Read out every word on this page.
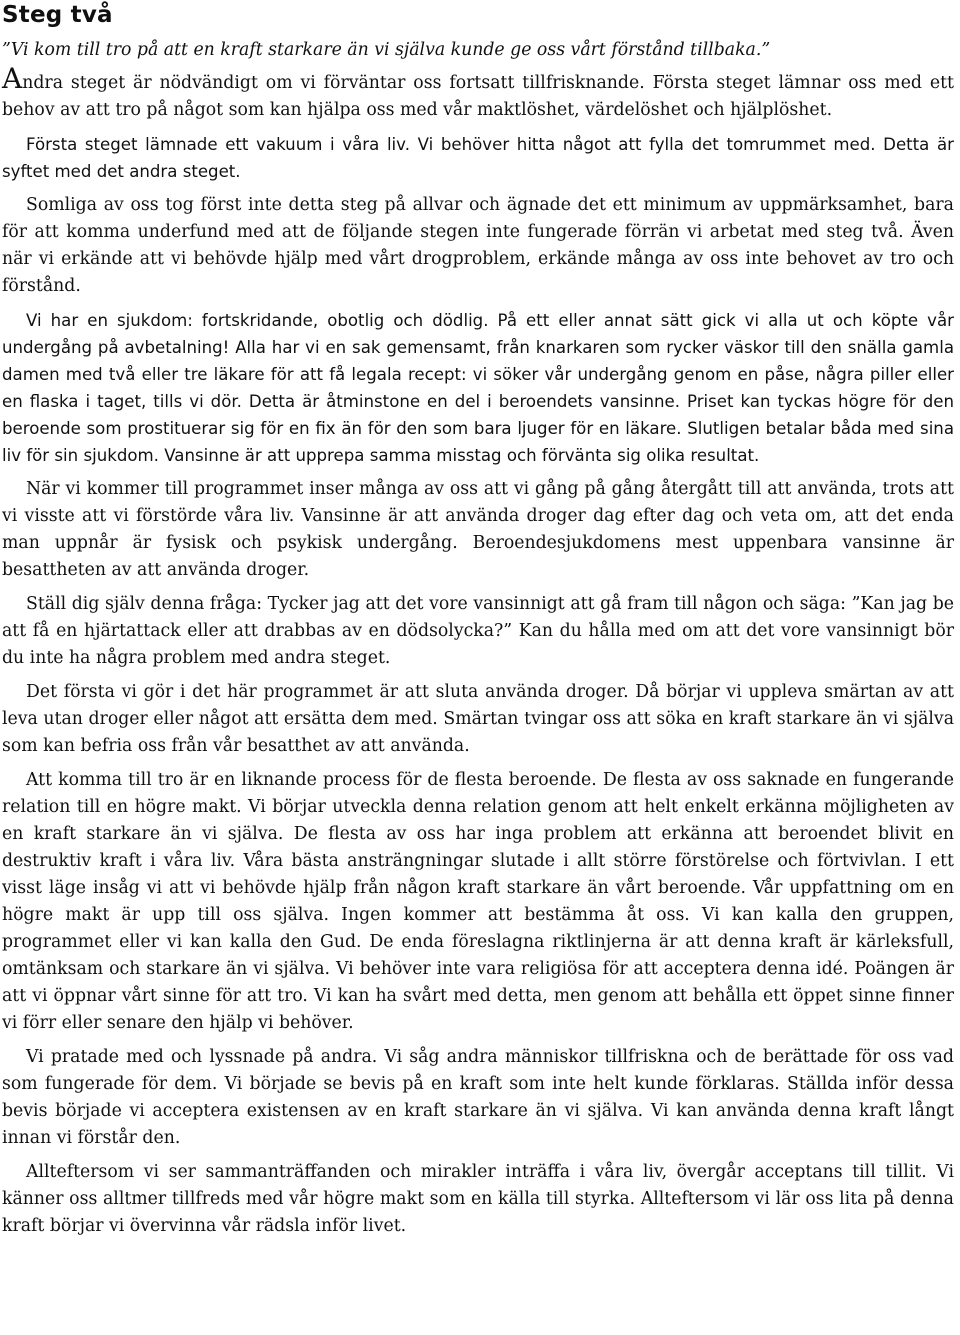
Steg två

”Vi kom till tro på att en kraft starkare än vi själva kunde ge oss vårt förstånd tillbaka.”

Andra steget är nödvändigt om vi förväntar oss fortsatt tillfrisknande. Första steget lämnar oss med ett behov av att tro på något som kan hjälpa oss med vår maktlöshet, värdelöshet och hjälplöshet.

Första steget lämnade ett vakuum i våra liv. Vi behöver hitta något att fylla det tomrummet med. Detta är syftet med det andra steget.

Somliga av oss tog först inte detta steg på allvar och ägnade det ett minimum av uppmärksamhet, bara för att komma underfund med att de följande stegen inte fungerade förrän vi arbetat med steg två. Även när vi erkände att vi behövde hjälp med vårt drogproblem, erkände många av oss inte behovet av tro och förstånd.

Vi har en sjukdom: fortskridande, obotlig och dödlig. På ett eller annat sätt gick vi alla ut och köpte vår undergång på avbetalning! Alla har vi en sak gemensamt, från knarkaren som rycker väskor till den snälla gamla damen med två eller tre läkare för att få legala recept: vi söker vår undergång genom en påse, några piller eller en flaska i taget, tills vi dör. Detta är åtminstone en del i beroendets vansinne. Priset kan tyckas högre för den beroende som prostituerar sig för en fix än för den som bara ljuger för en läkare. Slutligen betalar båda med sina liv för sin sjukdom. Vansinne är att upprepa samma misstag och förvänta sig olika resultat.

När vi kommer till programmet inser många av oss att vi gång på gång återgått till att använda, trots att vi visste att vi förstörde våra liv. Vansinne är att använda droger dag efter dag och veta om, att det enda man uppnår är fysisk och psykisk undergång. Beroendesjukdomens mest uppenbara vansinne är besattheten av att använda droger.

Ställ dig själv denna fråga: Tycker jag att det vore vansinnigt att gå fram till någon och säga: ”Kan jag be att få en hjärtattack eller att drabbas av en dödsolycka?” Kan du hålla med om att det vore vansinnigt bör du inte ha några problem med andra steget.

Det första vi gör i det här programmet är att sluta använda droger. Då börjar vi uppleva smärtan av att leva utan droger eller något att ersätta dem med. Smärtan tvingar oss att söka en kraft starkare än vi själva som kan befria oss från vår besatthet av att använda.

Att komma till tro är en liknande process för de flesta beroende. De flesta av oss saknade en fungerande relation till en högre makt. Vi börjar utveckla denna relation genom att helt enkelt erkänna möjligheten av en kraft starkare än vi själva. De flesta av oss har inga problem att erkänna att beroendet blivit en destruktiv kraft i våra liv. Våra bästa ansträngningar slutade i allt större förstörelse och förtvivlan. I ett visst läge insåg vi att vi behövde hjälp från någon kraft starkare än vårt beroende. Vår uppfattning om en högre makt är upp till oss själva. Ingen kommer att bestämma åt oss. Vi kan kalla den gruppen, programmet eller vi kan kalla den Gud. De enda föreslagna riktlinjerna är att denna kraft är kärleksfull, omtänksam och starkare än vi själva. Vi behöver inte vara religiösa för att acceptera denna idé. Poängen är att vi öppnar vårt sinne för att tro. Vi kan ha svårt med detta, men genom att behålla ett öppet sinne finner vi förr eller senare den hjälp vi behöver.

Vi pratade med och lyssnade på andra. Vi såg andra människor tillfriskna och de berättade för oss vad som fungerade för dem. Vi började se bevis på en kraft som inte helt kunde förklaras. Ställda inför dessa bevis började vi acceptera existensen av en kraft starkare än vi själva. Vi kan använda denna kraft långt innan vi förstår den.

Allteftersom vi ser sammanträffanden och mirakler inträffa i våra liv, övergår acceptans till tillit. Vi känner oss alltmer tillfreds med vår högre makt som en källa till styrka. Allteftersom vi lär oss lita på denna kraft börjar vi övervinna vår rädsla inför livet.
